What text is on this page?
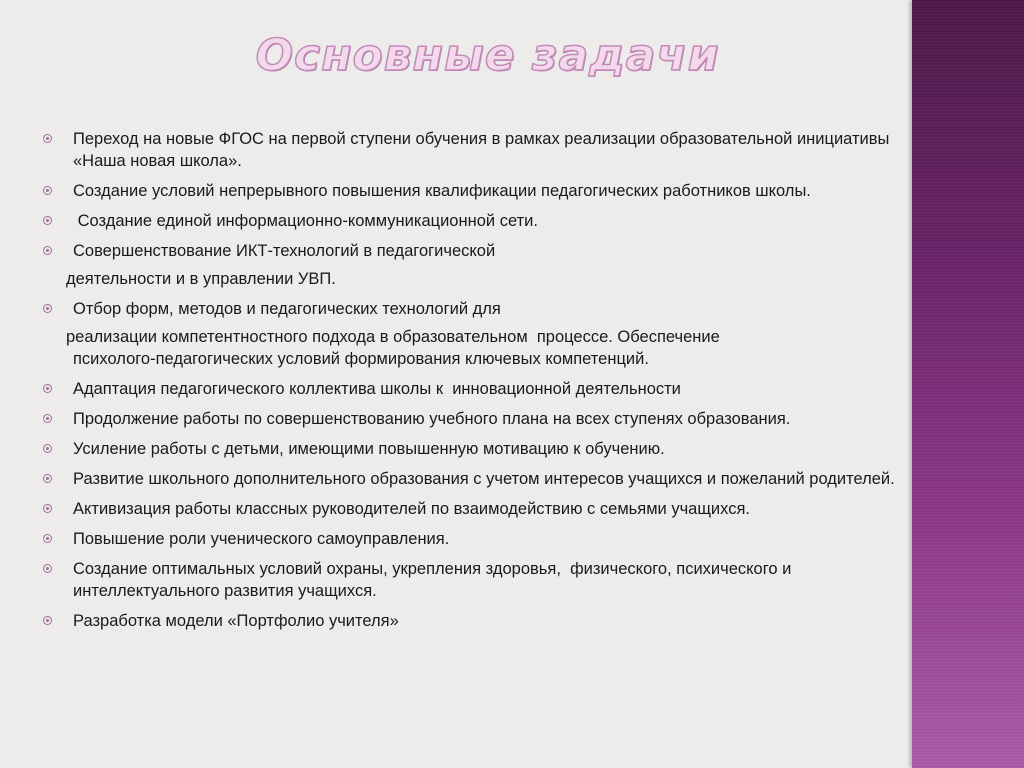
Основные задачи
Переход на новые ФГОС на первой ступени обучения в рамках реализации образовательной инициативы «Наша новая школа».
Создание условий непрерывного повышения квалификации педагогических работников школы.
Создание единой информационно-коммуникационной сети.
Совершенствование ИКТ-технологий в педагогической
деятельности и в управлении УВП.
Отбор форм, методов и педагогических технологий для
реализации компетентностного подхода в образовательном  процессе. Обеспечение
психолого-педагогических условий формирования ключевых компетенций.
Адаптация педагогического коллектива школы к  инновационной деятельности
Продолжение работы по совершенствованию учебного плана на всех ступенях образования.
Усиление работы с детьми, имеющими повышенную мотивацию к обучению.
Развитие школьного дополнительного образования с учетом интересов учащихся и пожеланий родителей.
Активизация работы классных руководителей по взаимодействию с семьями учащихся.
Повышение роли ученического самоуправления.
Создание оптимальных условий охраны, укрепления здоровья,  физического, психического и интеллектуального развития учащихся.
Разработка модели «Портфолио учителя»
